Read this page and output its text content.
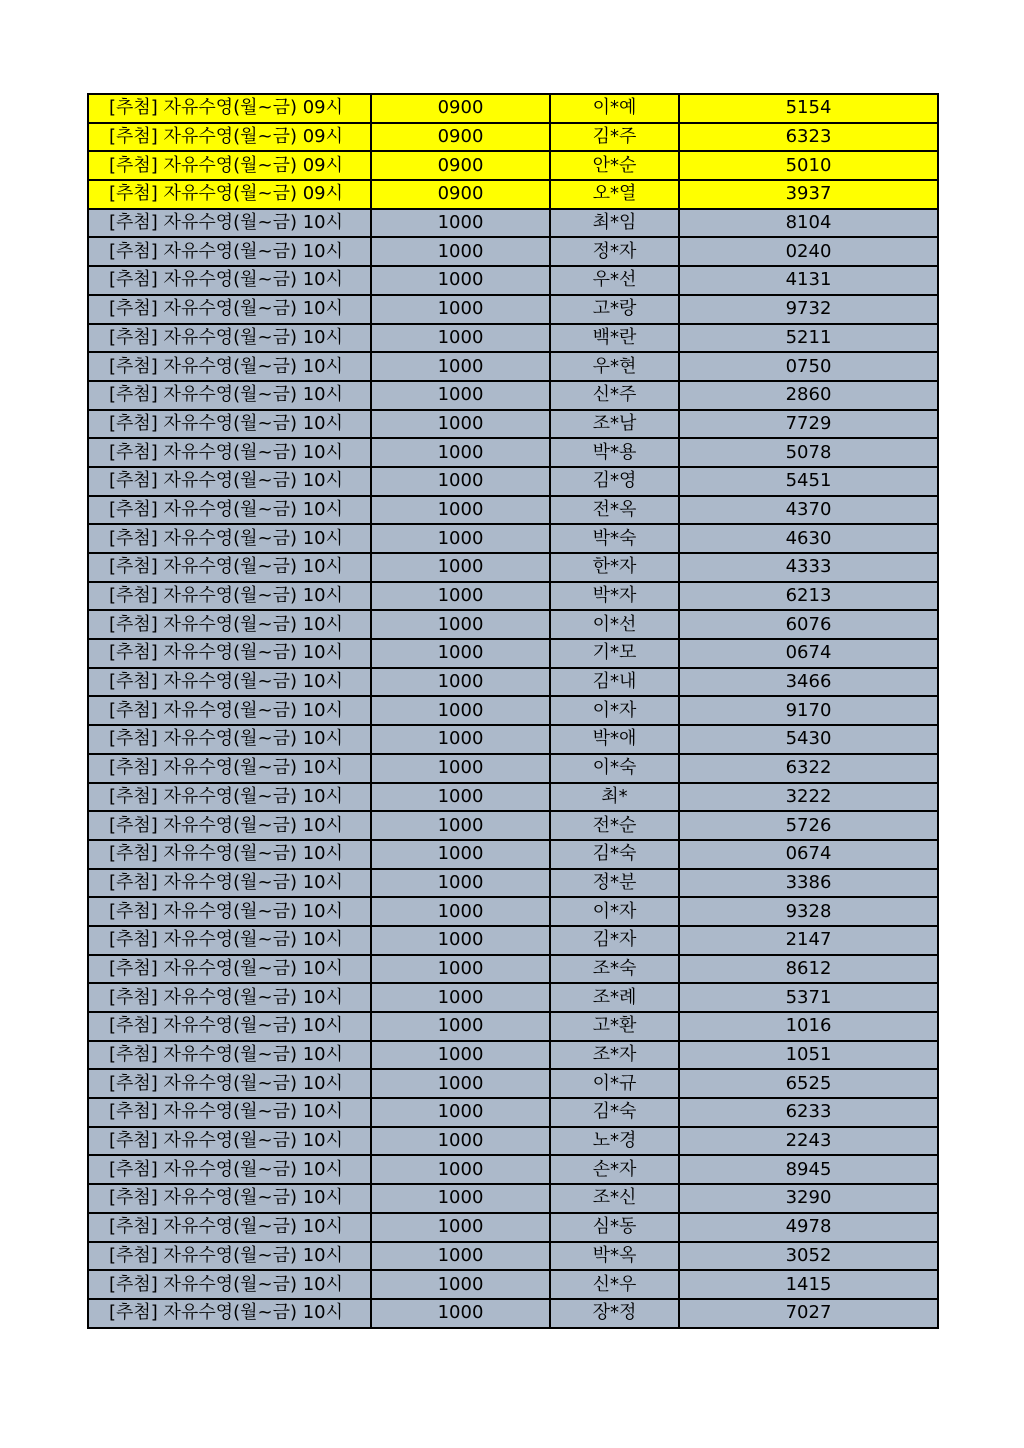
[추첨] 자유수영(월~금) 09시	0900	이*예	5154
[추첨] 자유수영(월~금) 09시	0900	김*주	6323
[추첨] 자유수영(월~금) 09시	0900	안*순	5010
[추첨] 자유수영(월~금) 09시	0900	오*열	3937
[추첨] 자유수영(월~금) 10시	1000	최*임	8104
[추첨] 자유수영(월~금) 10시	1000	정*자	0240
[추첨] 자유수영(월~금) 10시	1000	우*선	4131
[추첨] 자유수영(월~금) 10시	1000	고*랑	9732
[추첨] 자유수영(월~금) 10시	1000	백*란	5211
[추첨] 자유수영(월~금) 10시	1000	우*현	0750
[추첨] 자유수영(월~금) 10시	1000	신*주	2860
[추첨] 자유수영(월~금) 10시	1000	조*남	7729
[추첨] 자유수영(월~금) 10시	1000	박*용	5078
[추첨] 자유수영(월~금) 10시	1000	김*영	5451
[추첨] 자유수영(월~금) 10시	1000	전*옥	4370
[추첨] 자유수영(월~금) 10시	1000	박*숙	4630
[추첨] 자유수영(월~금) 10시	1000	한*자	4333
[추첨] 자유수영(월~금) 10시	1000	박*자	6213
[추첨] 자유수영(월~금) 10시	1000	이*선	6076
[추첨] 자유수영(월~금) 10시	1000	기*모	0674
[추첨] 자유수영(월~금) 10시	1000	김*내	3466
[추첨] 자유수영(월~금) 10시	1000	이*자	9170
[추첨] 자유수영(월~금) 10시	1000	박*애	5430
[추첨] 자유수영(월~금) 10시	1000	이*숙	6322
[추첨] 자유수영(월~금) 10시	1000	최*	3222
[추첨] 자유수영(월~금) 10시	1000	전*순	5726
[추첨] 자유수영(월~금) 10시	1000	김*숙	0674
[추첨] 자유수영(월~금) 10시	1000	정*분	3386
[추첨] 자유수영(월~금) 10시	1000	이*자	9328
[추첨] 자유수영(월~금) 10시	1000	김*자	2147
[추첨] 자유수영(월~금) 10시	1000	조*숙	8612
[추첨] 자유수영(월~금) 10시	1000	조*례	5371
[추첨] 자유수영(월~금) 10시	1000	고*환	1016
[추첨] 자유수영(월~금) 10시	1000	조*자	1051
[추첨] 자유수영(월~금) 10시	1000	이*규	6525
[추첨] 자유수영(월~금) 10시	1000	김*숙	6233
[추첨] 자유수영(월~금) 10시	1000	노*경	2243
[추첨] 자유수영(월~금) 10시	1000	손*자	8945
[추첨] 자유수영(월~금) 10시	1000	조*신	3290
[추첨] 자유수영(월~금) 10시	1000	심*동	4978
[추첨] 자유수영(월~금) 10시	1000	박*옥	3052
[추첨] 자유수영(월~금) 10시	1000	신*우	1415
[추첨] 자유수영(월~금) 10시	1000	장*정	7027
